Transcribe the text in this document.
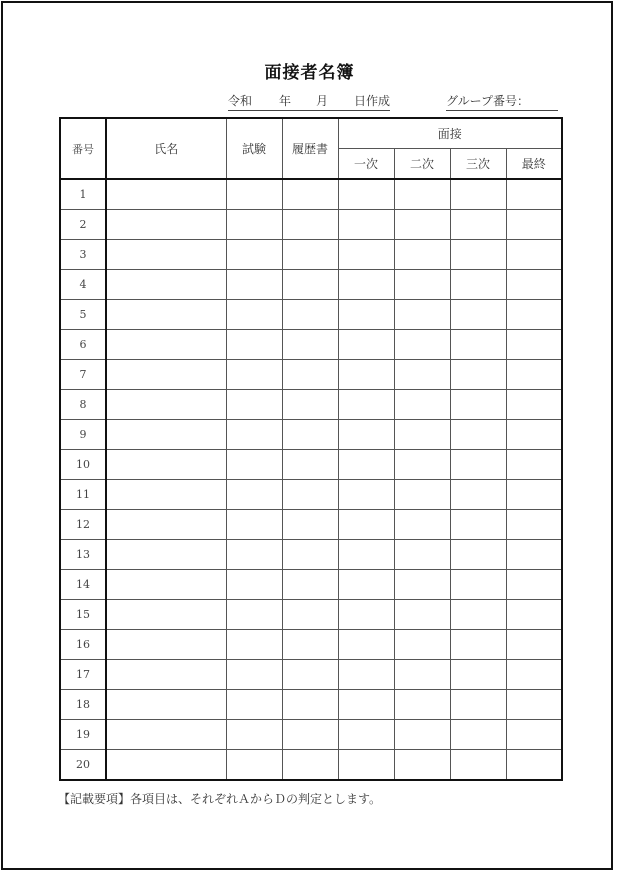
面接者名簿
令和 年 月 日作成	グループ番号：
番号	氏名	試験	履歴書	面接			
				一次	二次	三次	最終
1							
2							
3							
4							
5							
6							
7							
8							
9							
10							
11							
12							
13							
14							
15							
16							
17							
18							
19							
20							
【記載要項】各項目は、それぞれＡからＤの判定とします。
